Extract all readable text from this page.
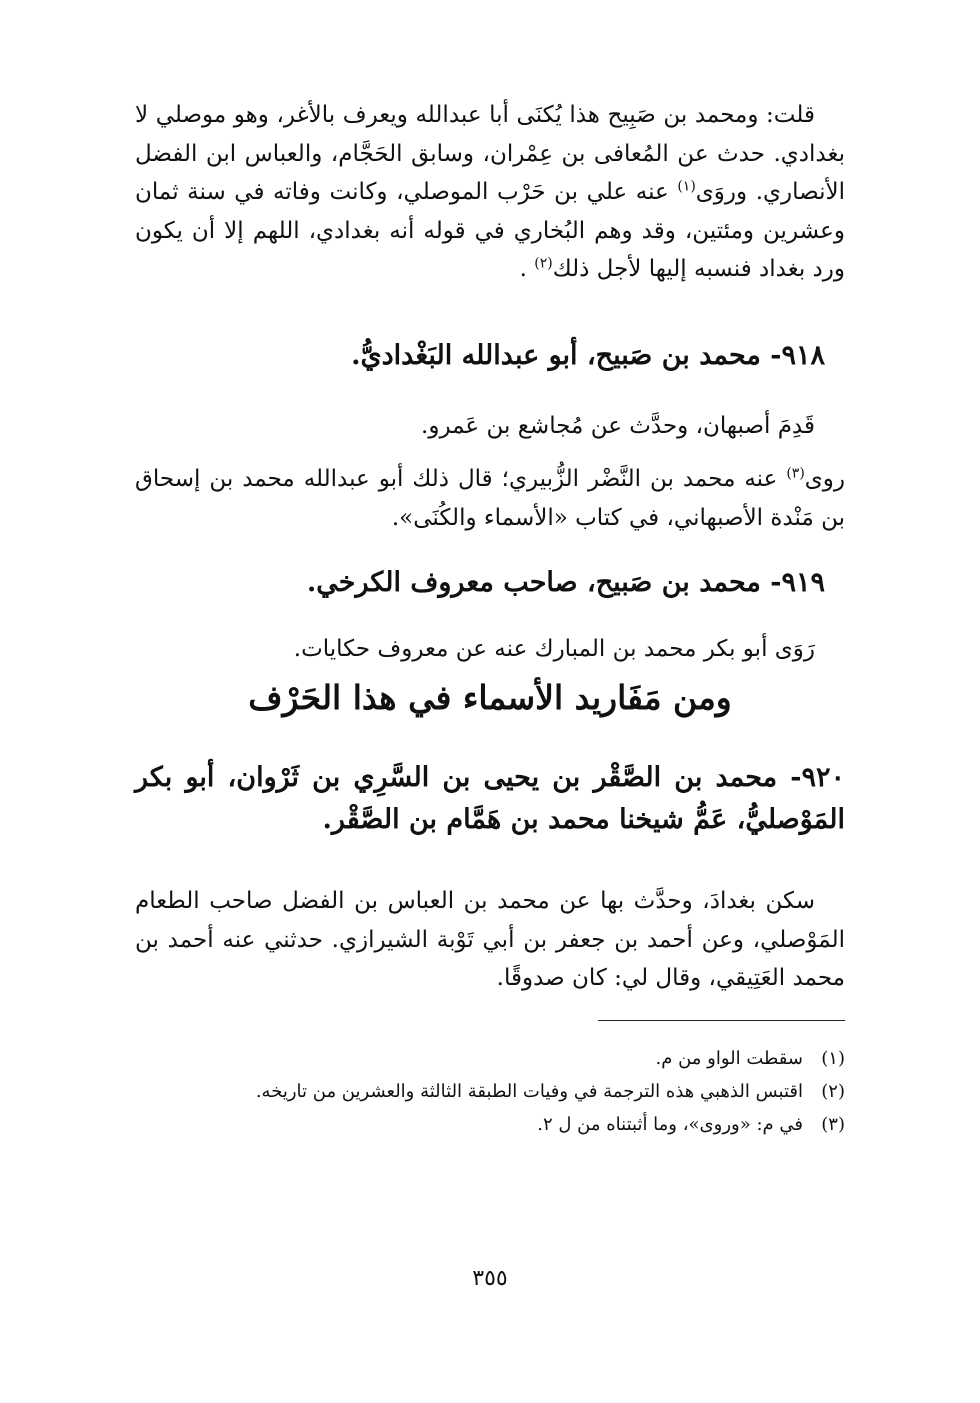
قلت: ومحمد بن صَبِيح هذا يُكنَى أبا عبدالله ويعرف بالأغر، وهو موصلي لا بغدادي. حدث عن المُعافى بن عِمْران، وسابق الحَجَّام، والعباس ابن الفضل الأنصاري. وروَى$^{(١)}$ عنه علي بن حَرْب الموصلي، وكانت وفاته في سنة ثمان وعشرين ومئتين، وقد وهم البُخاري في قوله أنه بغدادي، اللهم إلا أن يكون ورد بغداد فنسبه إليها لأجل ذلك$^{(٢)}$ .

٩١٨- محمد بن صَبيح، أبو عبدالله البَغْداديُّ.

قَدِمَ أصبهان، وحدَّث عن مُجاشع بن عَمرو.

روى$^{(٣)}$ عنه محمد بن النَّضْر الزُّبيري؛ قال ذلك أبو عبدالله محمد بن إسحاق بن مَنْدة الأصبهاني، في كتاب «الأسماء والكُنَى».

٩١٩- محمد بن صَبيح، صاحب معروف الكرخي.

رَوَى أبو بكر محمد بن المبارك عنه عن معروف حكايات.

ومن مَفَاريد الأسماء في هذا الحَرْف
٩٢٠- محمد بن الصَّقْر بن يحيى بن السَّرِي بن ثَرْوان، أبو بكر المَوْصليُّ، عَمُّ شيخنا محمد بن هَمَّام بن الصَّقْر.

سكن بغدادَ، وحدَّث بها عن محمد بن العباس بن الفضل صاحب الطعام المَوْصلي، وعن أحمد بن جعفر بن أبي تَوْبة الشيرازي. حدثني عنه أحمد بن محمد العَتِيقي، وقال لي: كان صدوقًا.

(١)
سقطت الواو من م.
(٢)
اقتبس الذهبي هذه الترجمة في وفيات الطبقة الثالثة والعشرين من تاريخه.
(٣)
في م: «وروى»، وما أثبتناه من ل ٢.
٣٥٥
